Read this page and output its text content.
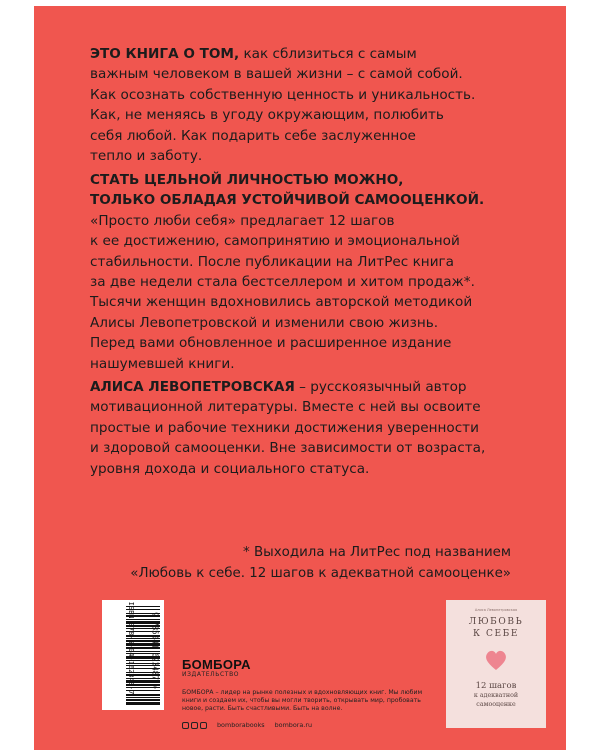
ЭТО КНИГА О ТОМ, как сблизиться с самым
важным человеком в вашей жизни – с самой собой.
Как осознать собственную ценность и уникальность.
Как, не меняясь в угоду окружающим, полюбить
себя любой. Как подарить себе заслуженное
тепло и заботу.

СТАТЬ ЦЕЛЬНОЙ ЛИЧНОСТЬЮ МОЖНО,
ТОЛЬКО ОБЛАДАЯ УСТОЙЧИВОЙ САМООЦЕНКОЙ.
«Просто люби себя» предлагает 12 шагов
к ее достижению, самопринятию и эмоциональной
стабильности. После публикации на ЛитРес книга
за две недели стала бестселлером и хитом продаж*.
Тысячи женщин вдохновились авторской методикой
Алисы Левопетровской и изменили свою жизнь.
Перед вами обновленное и расширенное издание
нашумевшей книги.

АЛИСА ЛЕВОПЕТРОВСКАЯ – русскоязычный автор
мотивационной литературы. Вместе с ней вы освоите
простые и рабочие техники достижения уверенности
и здоровой самооценки. Вне зависимости от возраста,
уровня дохода и социального статуса.

* Выходила на ЛитРес под названием
«Любовь к себе. 12 шагов к адекватной самооценке»
ISBN 978-5-04-162348-7 9 785041 623487 > БОМБОРА
ИЗДАТЕЛЬСТВО
БОМБОРА – лидер на рынке полезных и вдохновляющих книг. Мы любим книги и создаем их, чтобы вы могли творить, открывать мир, пробовать новое, расти. Быть счастливыми. Быть на волне.
bomborabooks bombora.ru
Алиса Левопетровская
ЛЮБОВЬ
К СЕБЕ
12 шагов
к адекватной
самооценке
